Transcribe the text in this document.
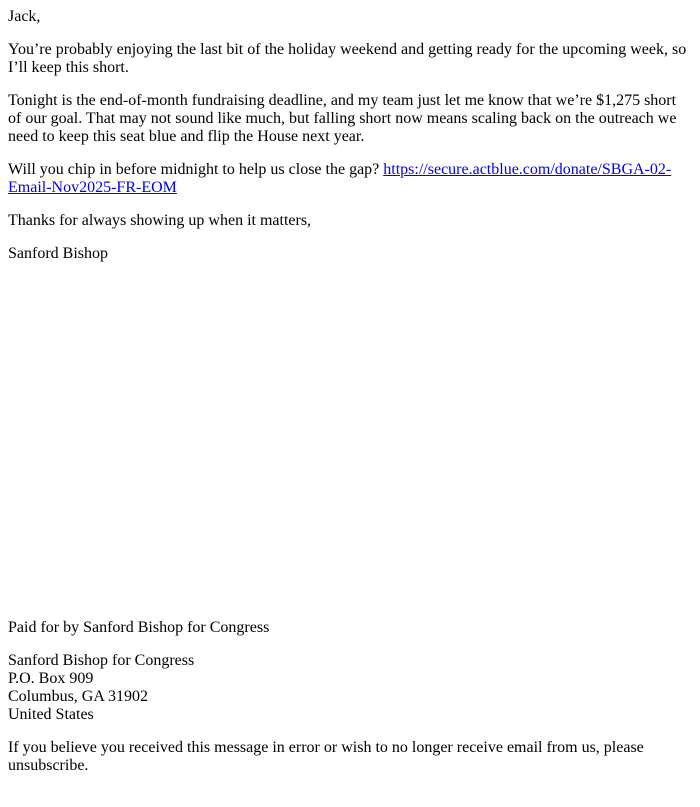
Jack,

You’re probably enjoying the last bit of the holiday weekend and getting ready for the upcoming week, so I’ll keep this short.

Tonight is the end-of-month fundraising deadline, and my team just let me know that we’re $1,275 short of our goal. That may not sound like much, but falling short now means scaling back on the outreach we need to keep this seat blue and flip the House next year.

Will you chip in before midnight to help us close the gap? https://secure.actblue.com/donate/SBGA-02-Email-Nov2025-FR-EOM

Thanks for always showing up when it matters,

Sanford Bishop

Paid for by Sanford Bishop for Congress

Sanford Bishop for Congress
P.O. Box 909
Columbus, GA 31902
United States

If you believe you received this message in error or wish to no longer receive email from us, please unsubscribe.
